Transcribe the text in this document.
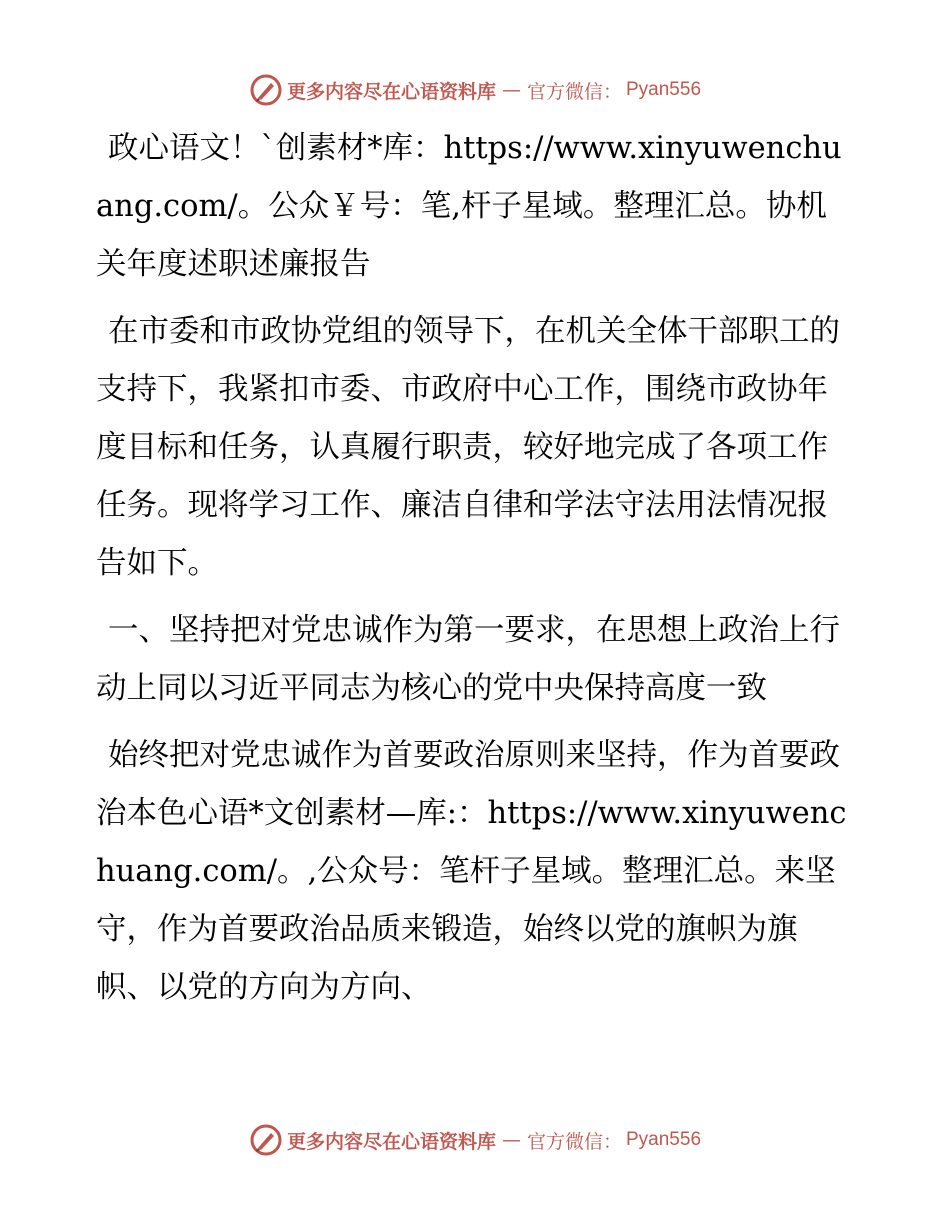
更多内容尽在心语资料库 — 官方微信： Pyan556

政心语文！`创素材*库：https://www.xinyuwenchuang.com/。公众￥号：笔,杆子星域。整理汇总。协机关年度述职述廉报告

在市委和市政协党组的领导下，在机关全体干部职工的支持下，我紧扣市委、市政府中心工作，围绕市政协年度目标和任务，认真履行职责，较好地完成了各项工作任务。现将学习工作、廉洁自律和学法守法用法情况报告如下。

一、坚持把对党忠诚作为第一要求，在思想上政治上行动上同以习近平同志为核心的党中央保持高度一致

始终把对党忠诚作为首要政治原则来坚持，作为首要政治本色心语*文创素材—库:：https://www.xinyuwenchuang.com/。,公众号：笔杆子星域。整理汇总。来坚守，作为首要政治品质来锻造，始终以党的旗帜为旗帜、以党的方向为方向、

更多内容尽在心语资料库 — 官方微信： Pyan556
